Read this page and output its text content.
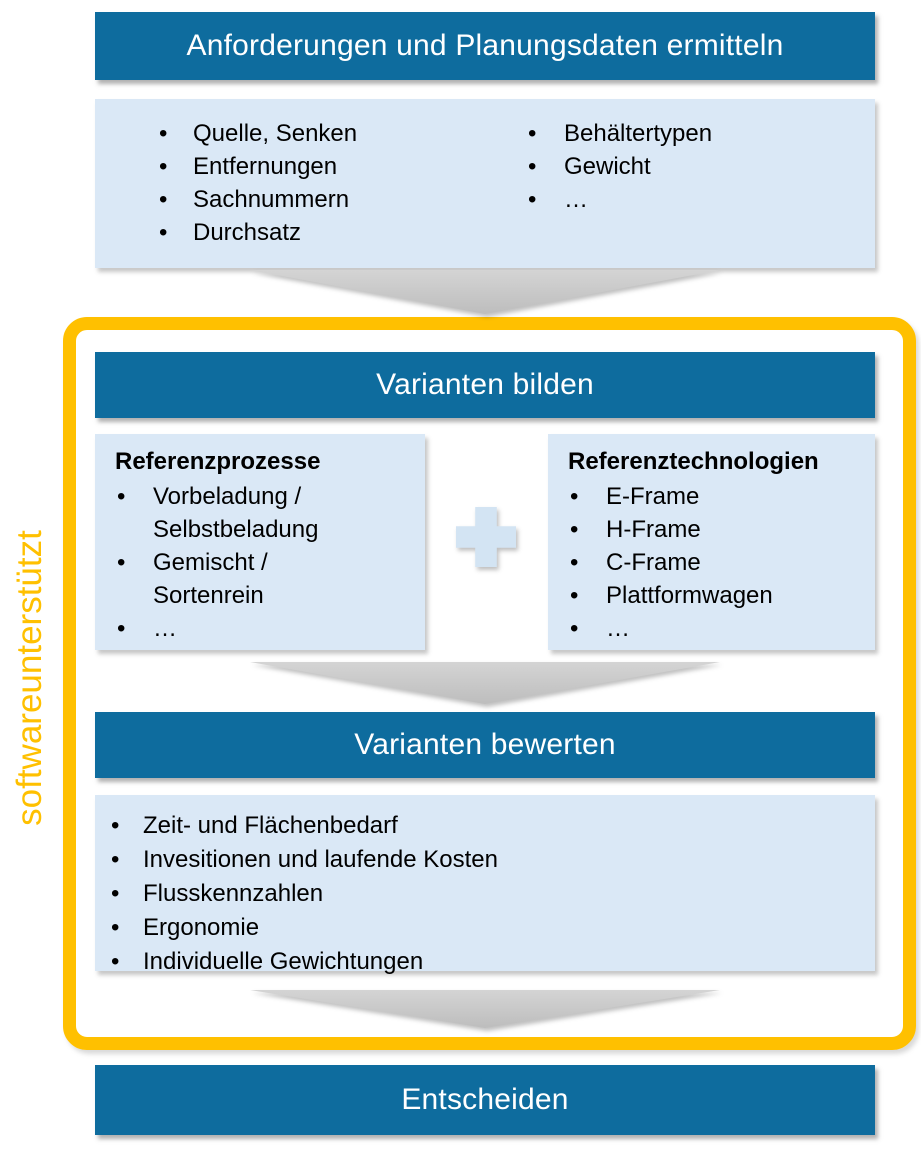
softwareunterstützt
Anforderungen und Planungsdaten ermitteln
• Quelle, Senken
• Entfernungen
• Sachnummern
• Durchsatz
• Behältertypen
• Gewicht
• …
Varianten bilden
Referenzprozesse
• Vorbeladung / Selbstbeladung
• Gemischt / Sortenrein
• …
Referenztechnologien
• E-Frame
• H-Frame
• C-Frame
• Plattformwagen
• …
Varianten bewerten
• Zeit- und Flächenbedarf
• Invesitionen und laufende Kosten
• Flusskennzahlen
• Ergonomie
• Individuelle Gewichtungen
Entscheiden
